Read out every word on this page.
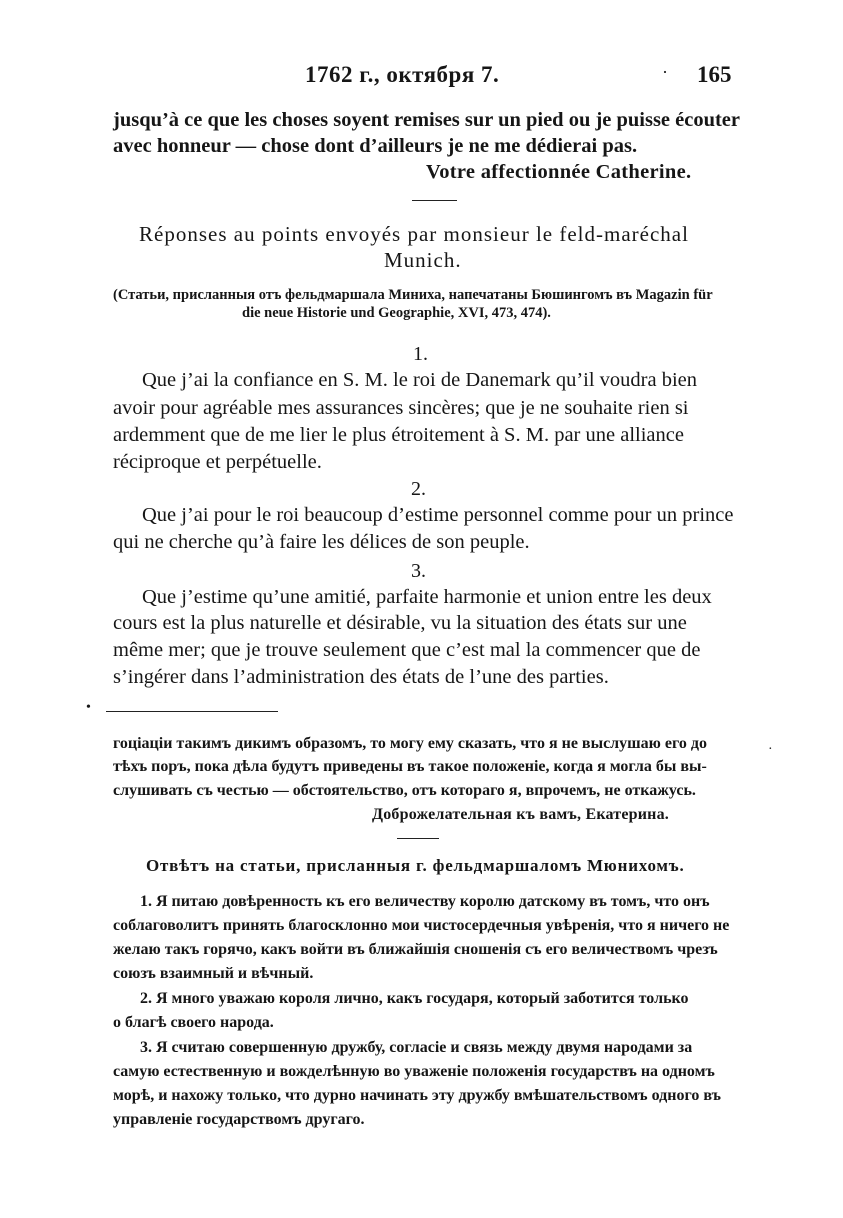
1762 г., октября 7.	· 165
jusqu’à ce que les choses soyent remises sur un pied ou je puisse écouter
avec honneur — chose dont d’ailleurs je ne me dédierai pas.
Votre affectionnée Catherine.
Réponses au points envoyés par monsieur le feld-maréchal
Munich.
(Статьи, присланныя отъ фельдмаршала Миниха, напечатаны Бюшингомъ въ Magazin für
die neue Historie und Geographie, XVI, 473, 474).
1.
Que j’ai la confiance en S. M. le roi de Danemark qu’il voudra bien
avoir pour agréable mes assurances sincères; que je ne souhaite rien si
ardemment que de me lier le plus étroitement à S. M. par une alliance
réciproque et perpétuelle.
2.
Que j’ai pour le roi beaucoup d’estime personnel comme pour un prince
qui ne cherche qu’à faire les délices de son peuple.
3.
Que j’estime qu’une amitié, parfaite harmonie et union entre les deux
cours est la plus naturelle et désirable, vu la situation des états sur une
même mer; que je trouve seulement que c’est mal la commencer que de
s’ingérer dans l’administration des états de l’une des parties.
•
·
гоціаціи такимъ дикимъ образомъ, то могу ему сказать, что я не выслушаю его до
тѣхъ поръ, пока дѣла будутъ приведены въ такое положеніе, когда я могла бы вы-
слушивать съ честью — обстоятельство, отъ котораго я, впрочемъ, не откажусь.
Доброжелательная къ вамъ, Екатерина.
Отвѣтъ на статьи, присланныя г. фельдмаршаломъ Мюнихомъ.
1. Я питаю довѣренность къ его величеству королю датскому въ томъ, что онъ
соблаговолитъ принять благосклонно мои чистосердечныя увѣренія, что я ничего не
желаю такъ горячо, какъ войти въ ближайшія сношенія съ его величествомъ чрезъ
союзъ взаимный и вѣчный.
2. Я много уважаю короля лично, какъ государя, который заботится только
о благѣ своего народа.
3. Я считаю совершенную дружбу, согласіе и связь между двумя народами за
самую естественную и вожделѣнную во уваженіе положенія государствъ на одномъ
морѣ, и нахожу только, что дурно начинать эту дружбу вмѣшательствомъ одного въ
управленіе государствомъ другаго.
